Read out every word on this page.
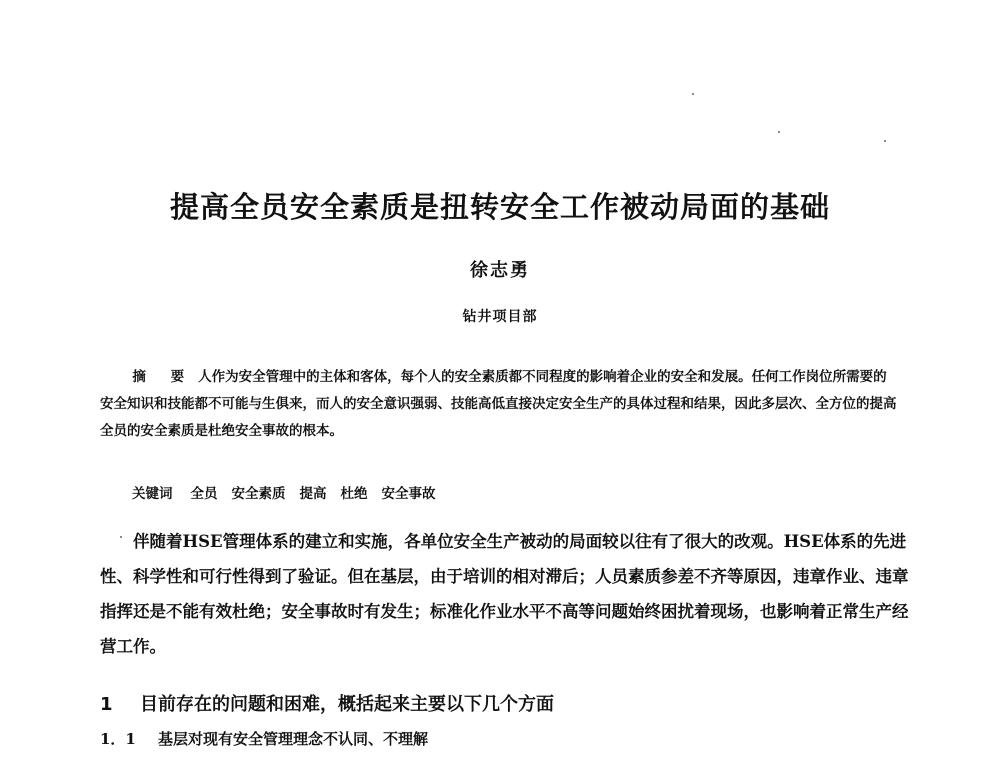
提高全员安全素质是扭转安全工作被动局面的基础
徐志勇
钻井项目部

摘 要 人作为安全管理中的主体和客体，每个人的安全素质都不同程度的影响着企业的安全和发展。任何工作岗位所需要的安全知识和技能都不可能与生俱来，而人的安全意识强弱、技能高低直接决定安全生产的具体过程和结果，因此多层次、全方位的提高全员的安全素质是杜绝安全事故的根本。

关键词 全员 安全素质 提高 杜绝 安全事故

伴随着HSE管理体系的建立和实施，各单位安全生产被动的局面较以往有了很大的改观。HSE体系的先进性、科学性和可行性得到了验证。但在基层，由于培训的相对滞后；人员素质参差不齐等原因，违章作业、违章指挥还是不能有效杜绝；安全事故时有发生；标准化作业水平不高等问题始终困扰着现场，也影响着正常生产经营工作。

1 目前存在的问题和困难，概括起来主要以下几个方面
1．1 基层对现有安全管理理念不认同、不理解
